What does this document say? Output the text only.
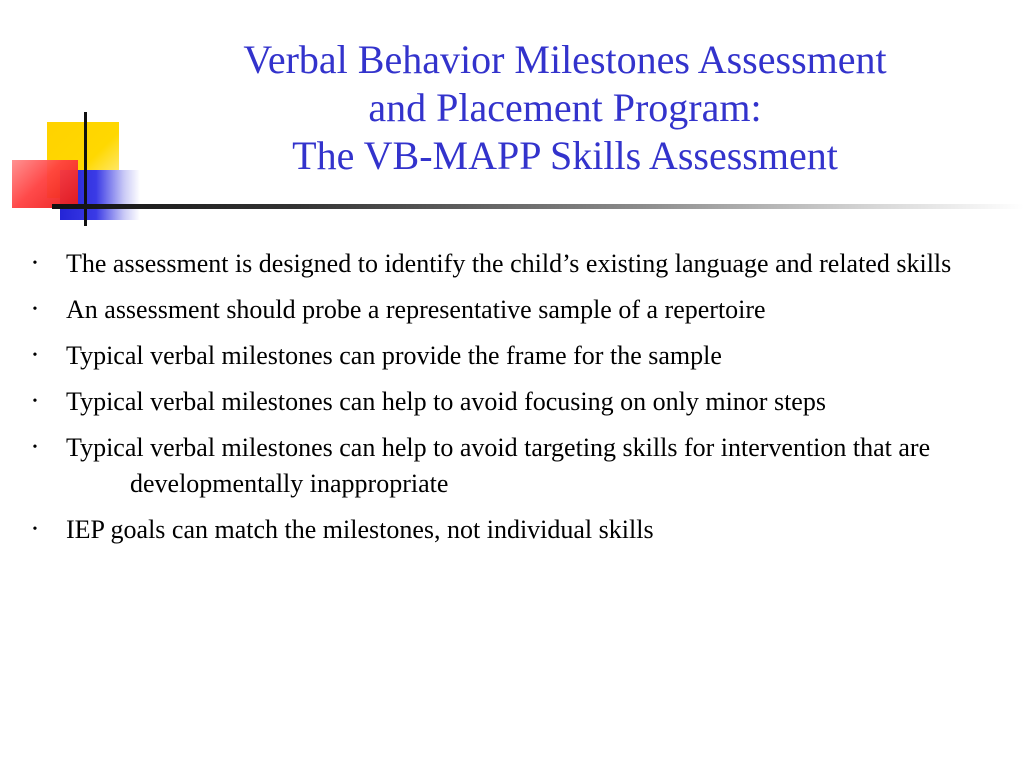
Verbal Behavior Milestones Assessment
and Placement Program:
The VB-MAPP Skills Assessment
• The assessment is designed to identify the child’s existing language and related skills
• An assessment should probe a representative sample of a repertoire
• Typical verbal milestones can provide the frame for the sample
• Typical verbal milestones can help to avoid focusing on only minor steps
• Typical verbal milestones can help to avoid targeting skills for intervention that are developmentally inappropriate
• IEP goals can match the milestones, not individual skills
